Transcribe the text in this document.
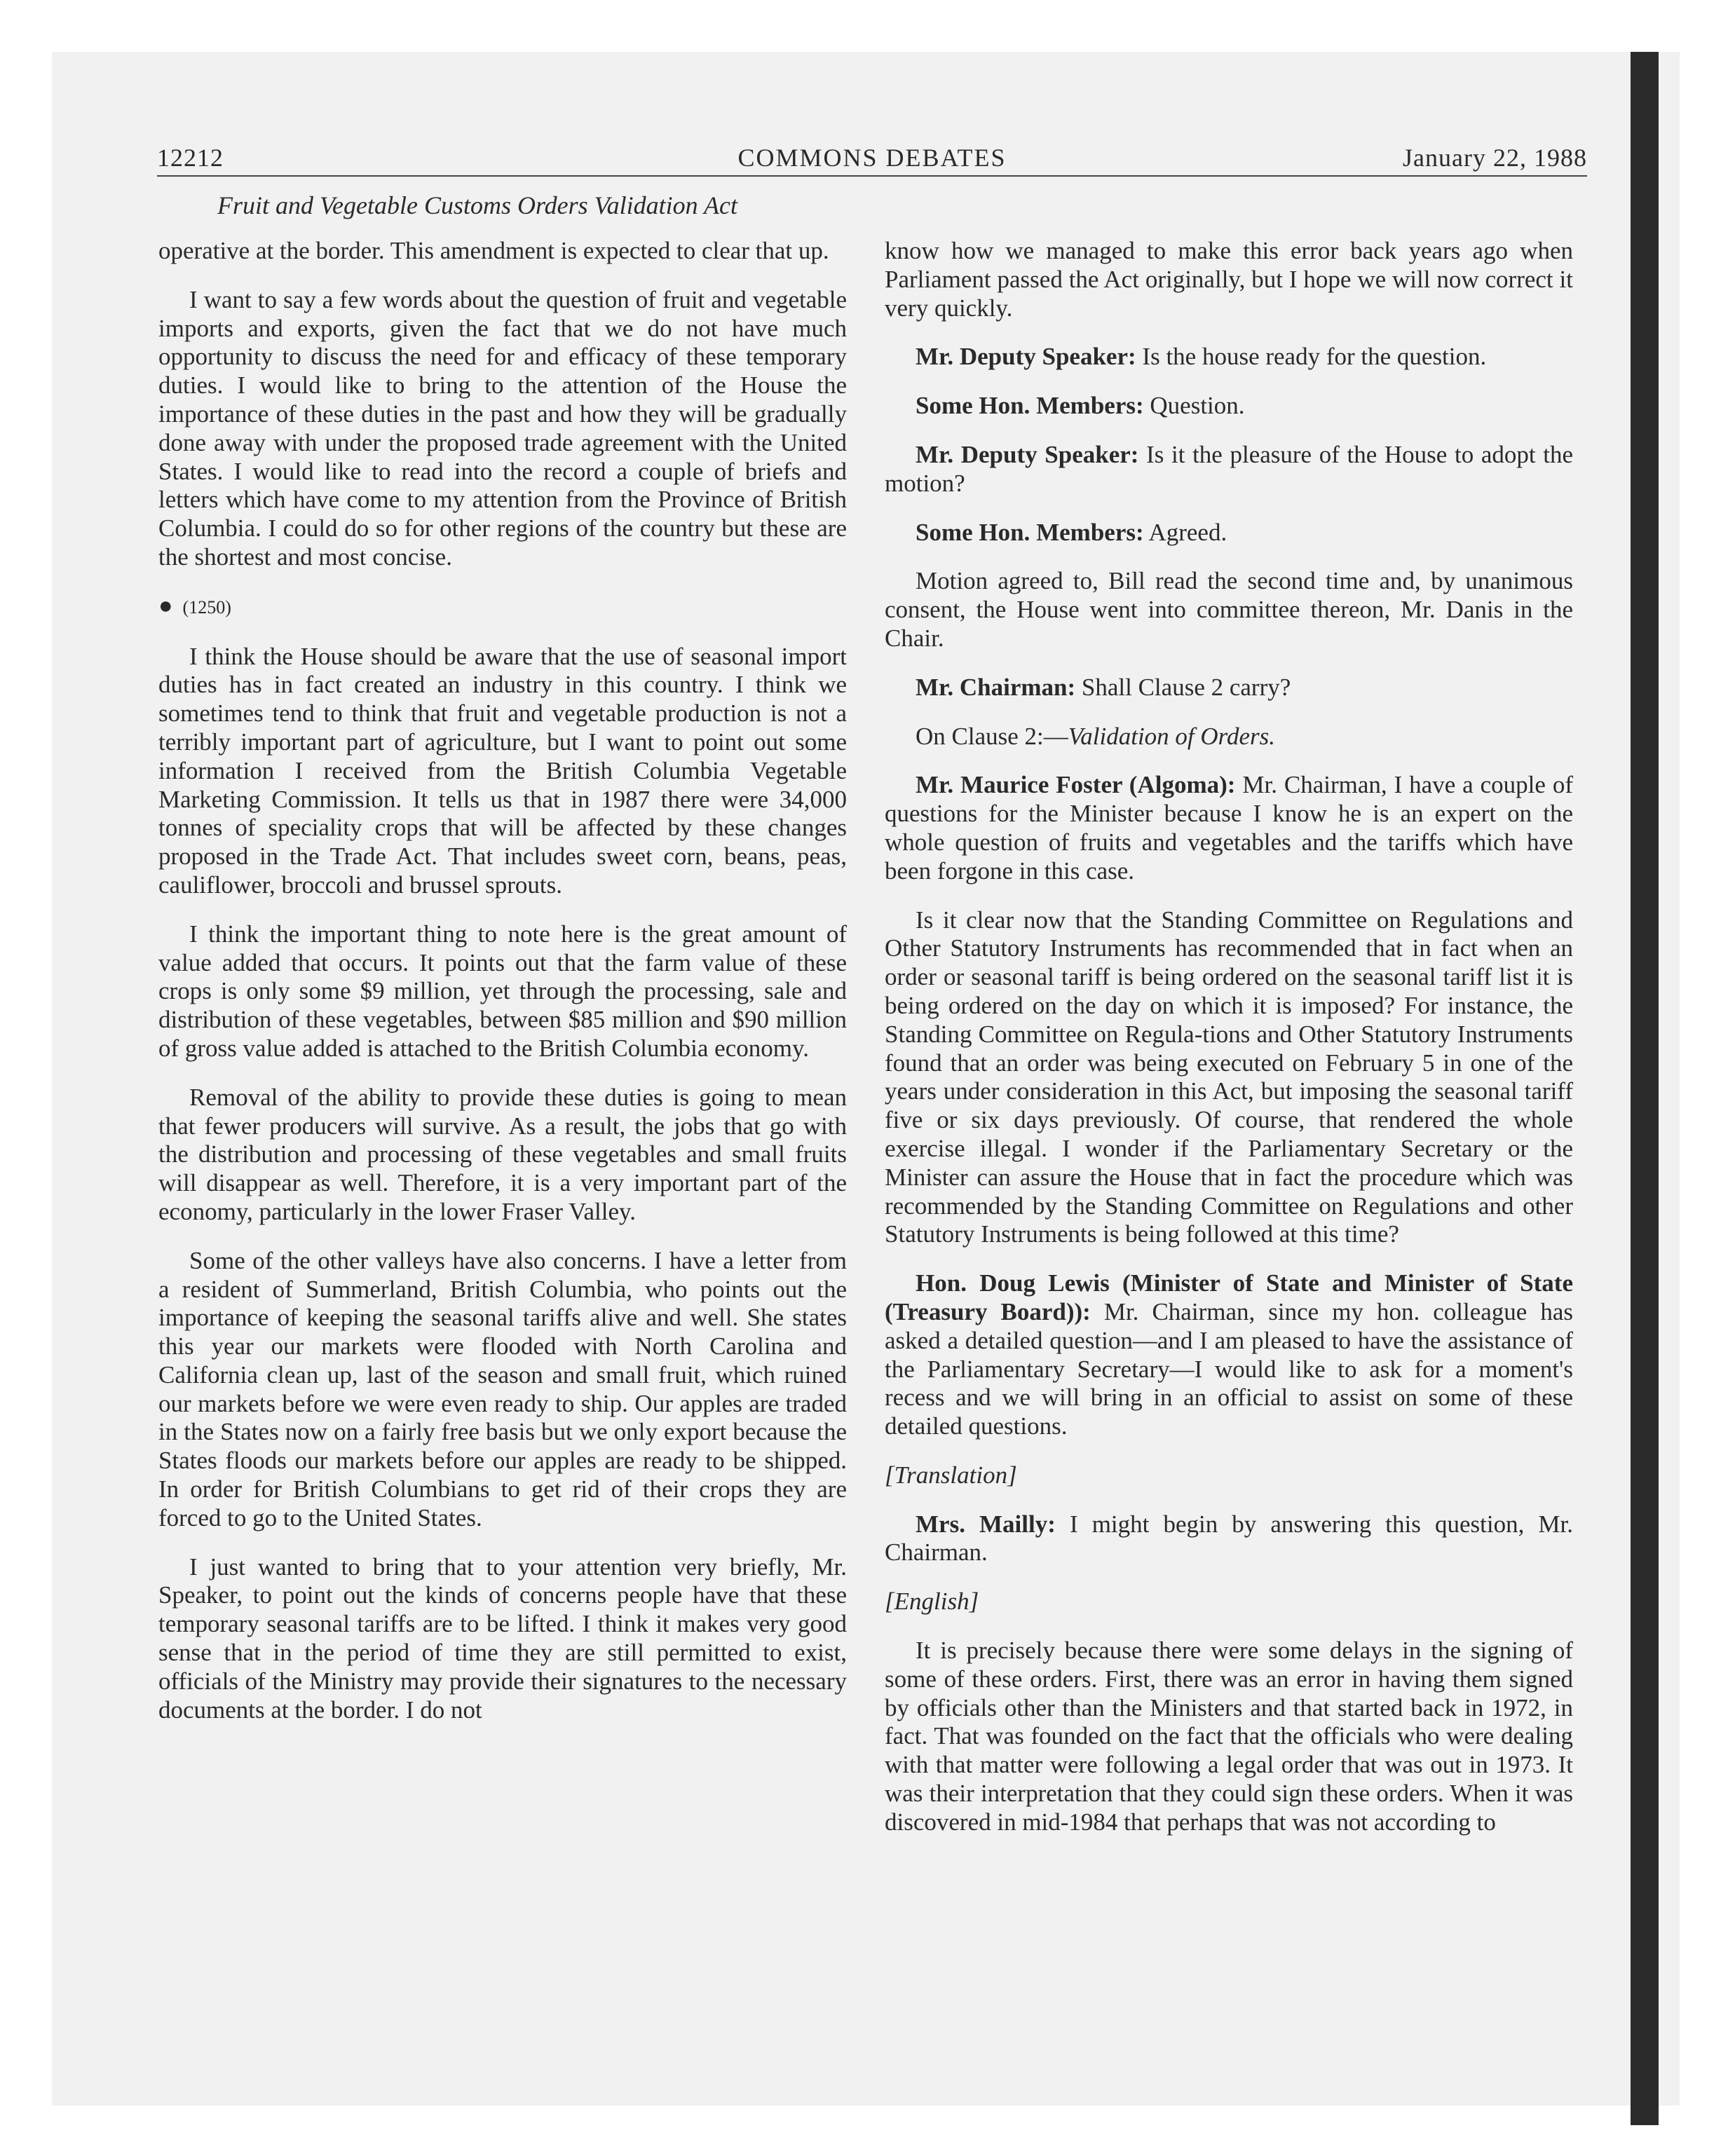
12212	COMMONS DEBATES	January 22, 1988
Fruit and Vegetable Customs Orders Validation Act

operative at the border. This amendment is expected to clear that up.

I want to say a few words about the question of fruit and vegetable imports and exports, given the fact that we do not have much opportunity to discuss the need for and efficacy of these temporary duties. I would like to bring to the attention of the House the importance of these duties in the past and how they will be gradually done away with under the proposed trade agreement with the United States. I would like to read into the record a couple of briefs and letters which have come to my attention from the Province of British Columbia. I could do so for other regions of the country but these are the shortest and most concise.

● (1250)

I think the House should be aware that the use of seasonal import duties has in fact created an industry in this country. I think we sometimes tend to think that fruit and vegetable production is not a terribly important part of agriculture, but I want to point out some information I received from the British Columbia Vegetable Marketing Commission. It tells us that in 1987 there were 34,000 tonnes of speciality crops that will be affected by these changes proposed in the Trade Act. That includes sweet corn, beans, peas, cauliflower, broccoli and brussel sprouts.

I think the important thing to note here is the great amount of value added that occurs. It points out that the farm value of these crops is only some $9 million, yet through the processing, sale and distribution of these vegetables, between $85 million and $90 million of gross value added is attached to the British Columbia economy.

Removal of the ability to provide these duties is going to mean that fewer producers will survive. As a result, the jobs that go with the distribution and processing of these vegetables and small fruits will disappear as well. Therefore, it is a very important part of the economy, particularly in the lower Fraser Valley.

Some of the other valleys have also concerns. I have a letter from a resident of Summerland, British Columbia, who points out the importance of keeping the seasonal tariffs alive and well. She states this year our markets were flooded with North Carolina and California clean up, last of the season and small fruit, which ruined our markets before we were even ready to ship. Our apples are traded in the States now on a fairly free basis but we only export because the States floods our markets before our apples are ready to be shipped. In order for British Columbians to get rid of their crops they are forced to go to the United States.

I just wanted to bring that to your attention very briefly, Mr. Speaker, to point out the kinds of concerns people have that these temporary seasonal tariffs are to be lifted. I think it makes very good sense that in the period of time they are still permitted to exist, officials of the Ministry may provide their signatures to the necessary documents at the border. I do not

know how we managed to make this error back years ago when Parliament passed the Act originally, but I hope we will now correct it very quickly.

Mr. Deputy Speaker: Is the house ready for the question.

Some Hon. Members: Question.

Mr. Deputy Speaker: Is it the pleasure of the House to adopt the motion?

Some Hon. Members: Agreed.

Motion agreed to, Bill read the second time and, by unanimous consent, the House went into committee thereon, Mr. Danis in the Chair.

Mr. Chairman: Shall Clause 2 carry?

On Clause 2:—Validation of Orders.

Mr. Maurice Foster (Algoma): Mr. Chairman, I have a couple of questions for the Minister because I know he is an expert on the whole question of fruits and vegetables and the tariffs which have been forgone in this case.

Is it clear now that the Standing Committee on Regulations and Other Statutory Instruments has recommended that in fact when an order or seasonal tariff is being ordered on the seasonal tariff list it is being ordered on the day on which it is imposed? For instance, the Standing Committee on Regula-tions and Other Statutory Instruments found that an order was being executed on February 5 in one of the years under consideration in this Act, but imposing the seasonal tariff five or six days previously. Of course, that rendered the whole exercise illegal. I wonder if the Parliamentary Secretary or the Minister can assure the House that in fact the procedure which was recommended by the Standing Committee on Regulations and other Statutory Instruments is being followed at this time?

Hon. Doug Lewis (Minister of State and Minister of State (Treasury Board)): Mr. Chairman, since my hon. colleague has asked a detailed question—and I am pleased to have the assistance of the Parliamentary Secretary—I would like to ask for a moment's recess and we will bring in an official to assist on some of these detailed questions.

[Translation]

Mrs. Mailly: I might begin by answering this question, Mr. Chairman.

[English]

It is precisely because there were some delays in the signing of some of these orders. First, there was an error in having them signed by officials other than the Ministers and that started back in 1972, in fact. That was founded on the fact that the officials who were dealing with that matter were following a legal order that was out in 1973. It was their interpretation that they could sign these orders. When it was discovered in mid-1984 that perhaps that was not according to
